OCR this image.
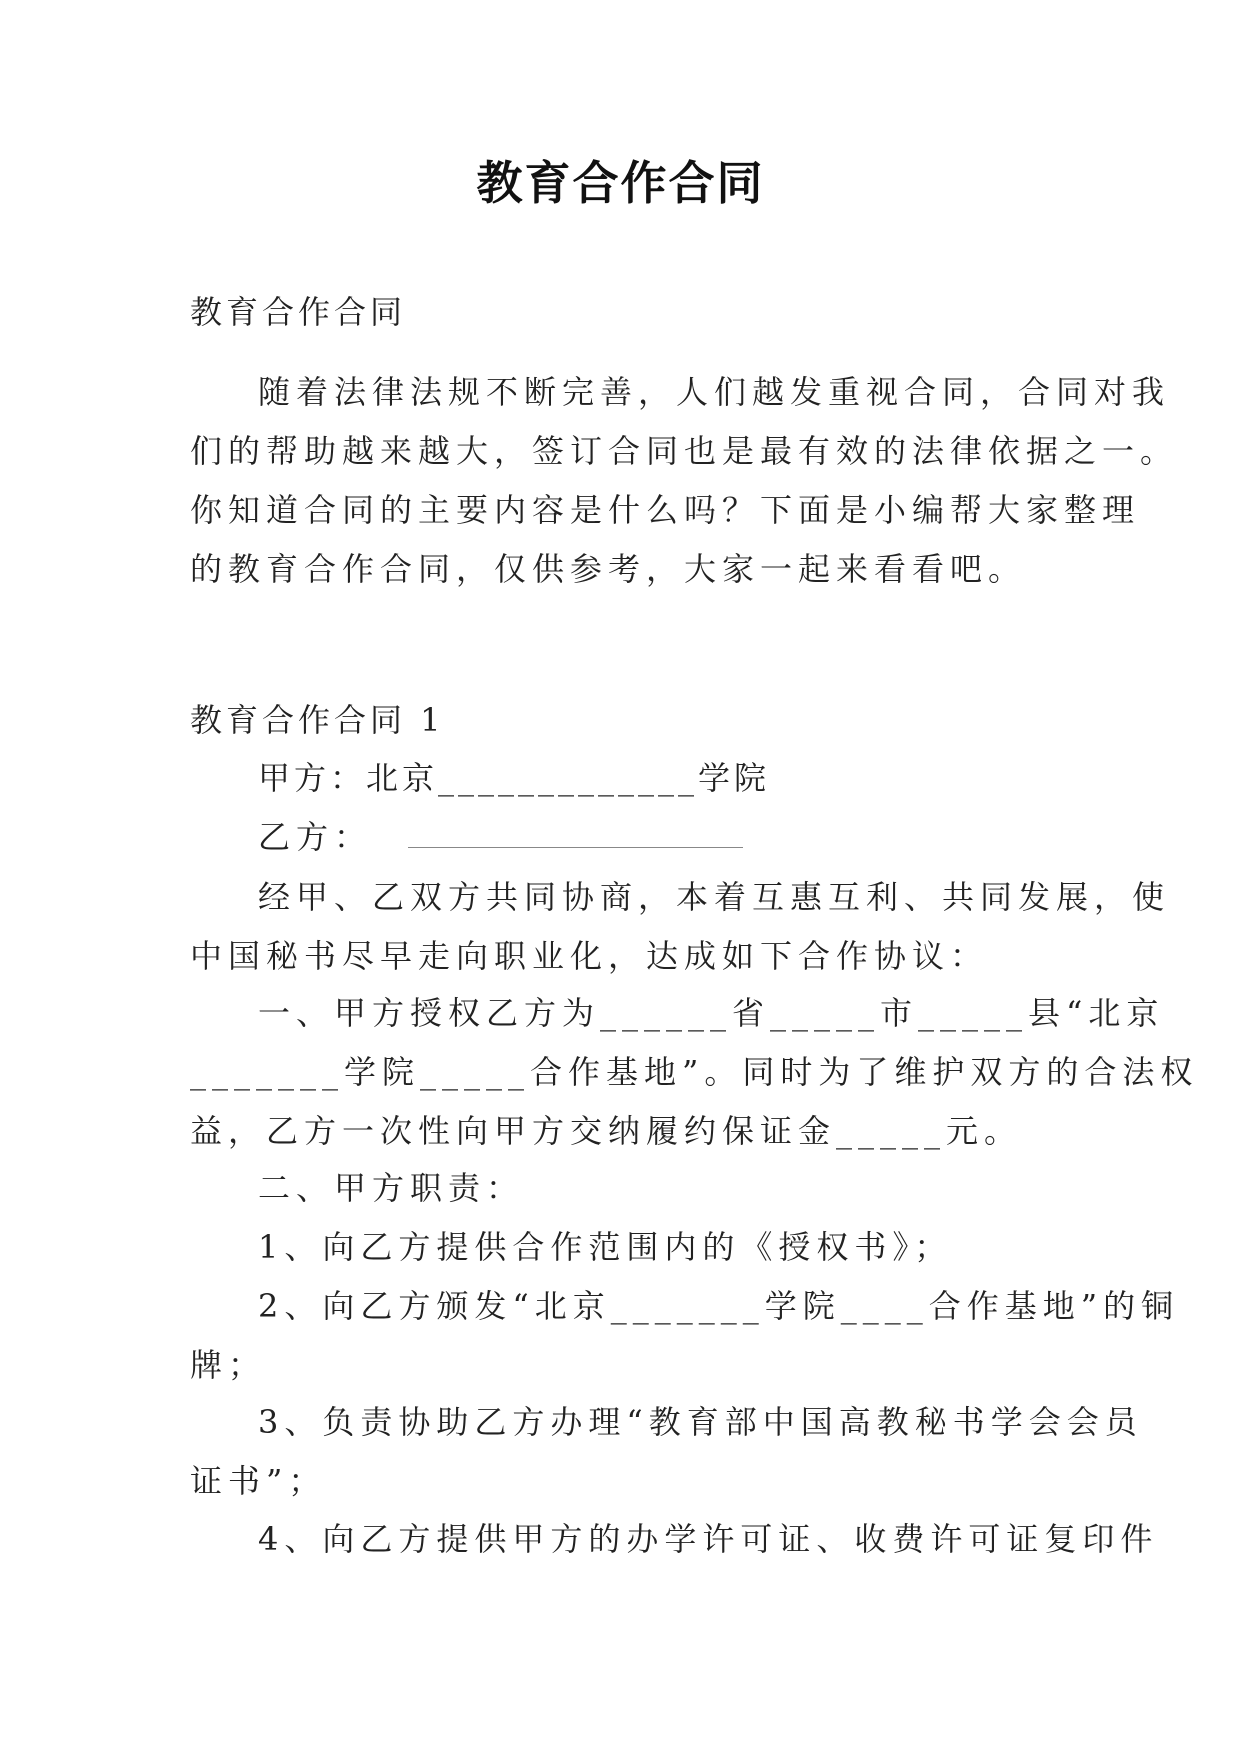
教育合作合同
教育合作合同
随着法律法规不断完善，人们越发重视合同，合同对我
们的帮助越来越大，签订合同也是最有效的法律依据之一。
你知道合同的主要内容是什么吗？下面是小编帮大家整理
的教育合作合同，仅供参考，大家一起来看看吧。
教育合作合同 1
甲方：北京_____________学院
乙方：
经甲、乙双方共同协商，本着互惠互利、共同发展，使
中国秘书尽早走向职业化，达成如下合作协议：
一、甲方授权乙方为______省_____市_____县“北京
_______学院_____合作基地”。同时为了维护双方的合法权
益，乙方一次性向甲方交纳履约保证金_____元。
二、甲方职责：
1、向乙方提供合作范围内的《授权书》；
2、向乙方颁发“北京_______学院____合作基地”的铜
牌；
3、负责协助乙方办理“教育部中国高教秘书学会会员
证书”；
4、向乙方提供甲方的办学许可证、收费许可证复印件
